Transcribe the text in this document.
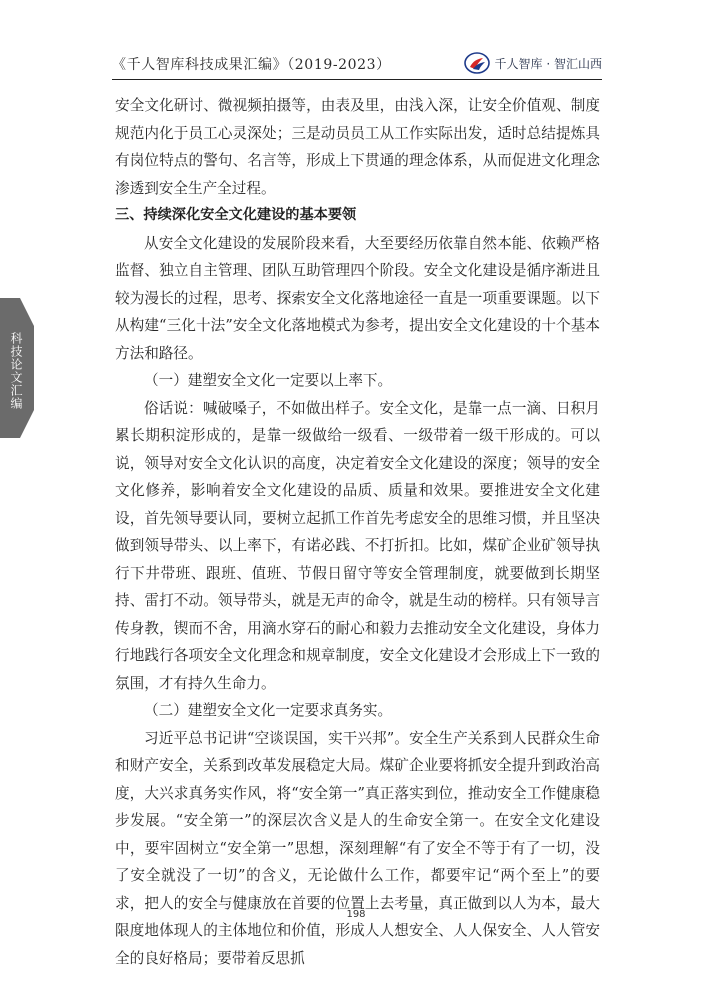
《千人智库科技成果汇编》（2019-2023）	千人智库 · 智汇山西
科技论文汇编

安全文化研讨、微视频拍摄等，由表及里，由浅入深，让安全价值观、制度规范内化于员工心灵深处；三是动员员工从工作实际出发，适时总结提炼具有岗位特点的警句、名言等，形成上下贯通的理念体系，从而促进文化理念渗透到安全生产全过程。

三、持续深化安全文化建设的基本要领

从安全文化建设的发展阶段来看，大至要经历依靠自然本能、依赖严格监督、独立自主管理、团队互助管理四个阶段。安全文化建设是循序渐进且较为漫长的过程，思考、探索安全文化落地途径一直是一项重要课题。以下从构建“三化十法”安全文化落地模式为参考，提出安全文化建设的十个基本方法和路径。

（一）建塑安全文化一定要以上率下。

俗话说：喊破嗓子，不如做出样子。安全文化，是靠一点一滴、日积月累长期积淀形成的，是靠一级做给一级看、一级带着一级干形成的。可以说，领导对安全文化认识的高度，决定着安全文化建设的深度；领导的安全文化修养，影响着安全文化建设的品质、质量和效果。要推进安全文化建设，首先领导要认同，要树立起抓工作首先考虑安全的思维习惯，并且坚决做到领导带头、以上率下，有诺必践、不打折扣。比如，煤矿企业矿领导执行下井带班、跟班、值班、节假日留守等安全管理制度，就要做到长期坚持、雷打不动。领导带头，就是无声的命令，就是生动的榜样。只有领导言传身教，锲而不舍，用滴水穿石的耐心和毅力去推动安全文化建设，身体力行地践行各项安全文化理念和规章制度，安全文化建设才会形成上下一致的氛围，才有持久生命力。

（二）建塑安全文化一定要求真务实。

习近平总书记讲“空谈误国，实干兴邦”。安全生产关系到人民群众生命和财产安全，关系到改革发展稳定大局。煤矿企业要将抓安全提升到政治高度，大兴求真务实作风，将“安全第一”真正落实到位，推动安全工作健康稳步发展。“安全第一”的深层次含义是人的生命安全第一。在安全文化建设中，要牢固树立“安全第一”思想，深刻理解“有了安全不等于有了一切，没了安全就没了一切”的含义，无论做什么工作，都要牢记“两个至上”的要求，把人的安全与健康放在首要的位置上去考量，真正做到以人为本，最大限度地体现人的主体地位和价值，形成人人想安全、人人保安全、人人管安全的良好格局；要带着反思抓

198
